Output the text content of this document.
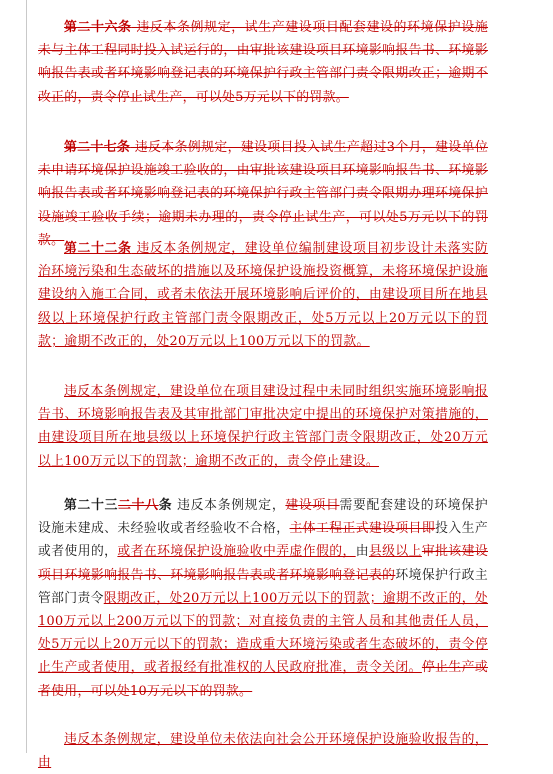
第二十六条 违反本条例规定，试生产建设项目配套建设的环境保护设施未与主体工程同时投入试运行的，由审批该建设项目环境影响报告书、环境影响报告表或者环境影响登记表的环境保护行政主管部门责令限期改正；逾期不改正的，责令停止试生产，可以处5万元以下的罚款。

第二十七条 违反本条例规定，建设项目投入试生产超过3个月，建设单位未申请环境保护设施竣工验收的，由审批该建设项目环境影响报告书、环境影响报告表或者环境影响登记表的环境保护行政主管部门责令限期办理环境保护设施竣工验收手续；逾期未办理的，责令停止试生产，可以处5万元以下的罚款。

第二十二条 违反本条例规定，建设单位编制建设项目初步设计未落实防治环境污染和生态破坏的措施以及环境保护设施投资概算，未将环境保护设施建设纳入施工合同，或者未依法开展环境影响后评价的，由建设项目所在地县级以上环境保护行政主管部门责令限期改正，处5万元以上20万元以下的罚款；逾期不改正的，处20万元以上100万元以下的罚款。

违反本条例规定，建设单位在项目建设过程中未同时组织实施环境影响报告书、环境影响报告表及其审批部门审批决定中提出的环境保护对策措施的，由建设项目所在地县级以上环境保护行政主管部门责令限期改正，处20万元以上100万元以下的罚款；逾期不改正的，责令停止建设。

第二十三二十八条 违反本条例规定，建设项目需要配套建设的环境保护设施未建成、未经验收或者经验收不合格，主体工程正式建设项目即投入生产或者使用的，或者在环境保护设施验收中弄虚作假的，由县级以上审批该建设项目环境影响报告书、环境影响报告表或者环境影响登记表的环境保护行政主管部门责令限期改正，处20万元以上100万元以下的罚款；逾期不改正的，处100万元以上200万元以下的罚款；对直接负责的主管人员和其他责任人员，处5万元以上20万元以下的罚款；造成重大环境污染或者生态破坏的，责令停止生产或者使用，或者报经有批准权的人民政府批准，责令关闭。停止生产或者使用，可以处10万元以下的罚款。

违反本条例规定，建设单位未依法向社会公开环境保护设施验收报告的，由
